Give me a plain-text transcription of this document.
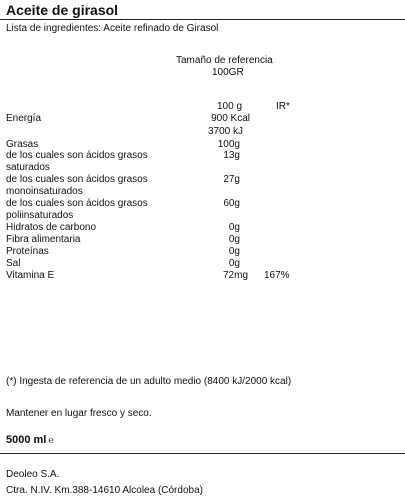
Aceite de girasol
Lista de ingredientes: Aceite refinado de Girasol
Tamaño de referencia
100GR
100 g	IR*
Energía	900 Kcal
3700 kJ
Grasas	100g
de los cuales son ácidos grasos	13g
saturados
de los cuales son ácidos grasos	27g
monoinsaturados
de los cuales son ácidos grasos	60g
poliinsaturados
Hidratos de carbono	0g
Fibra alimentaria	0g
Proteínas	0g
Sal	0g
Vitamina E	72mg 167%
(*) Ingesta de referencia de un adulto medio (8400 kJ/2000 kcal)
Mantener en lugar fresco y seco.
5000 ml ℮
Deoleo S.A.
Ctra. N.IV. Km.388-14610 Alcolea (Córdoba)
